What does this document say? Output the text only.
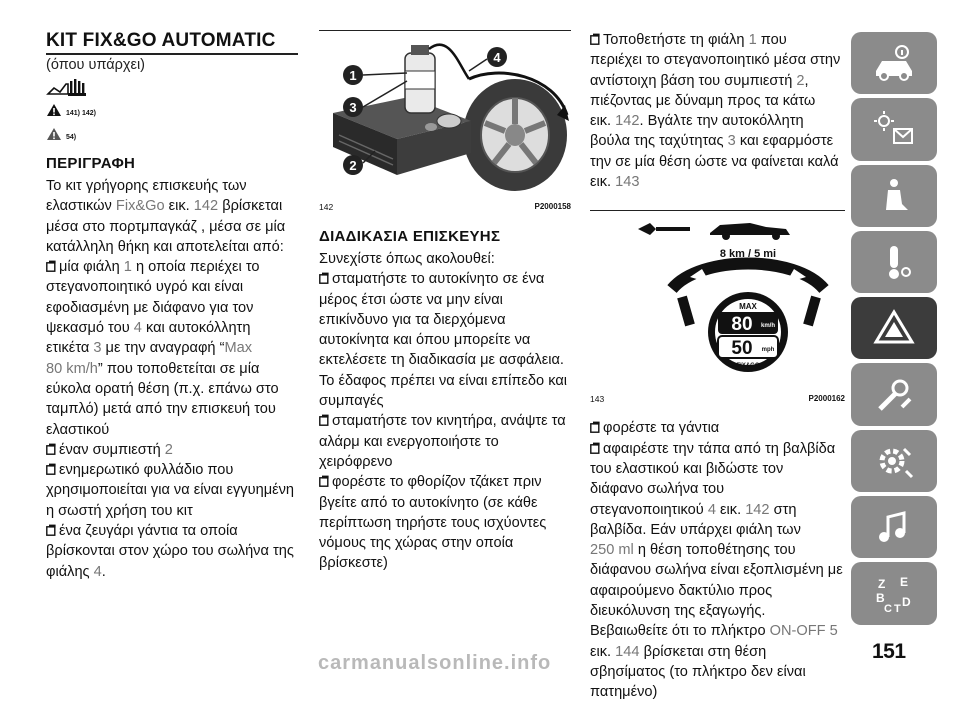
KIT FIX&GO AUTOMATIC
(όπου υπάρχει)
141) 142)
54)
ΠΕΡΙΓΡΑΦΗ
Το κιτ γρήγορης επισκευής των
ελαστικών Fix&Go εικ. 142 βρίσκεται
μέσα στο πορτμπαγκάζ , μέσα σε μία
κατάλληλη θήκη και αποτελείται από:
μία φιάλη 1 η οποία περιέχει το
στεγανοποιητικό υγρό και είναι
εφοδιασμένη με διάφανο για τον
ψεκασμό του 4 και αυτοκόλλητη
ετικέτα 3 με την αναγραφή “Max
80 km/h” που τοποθετείται σε μία
εύκολα ορατή θέση (π.χ. επάνω στο
ταμπλό) μετά από την επισκευή του
ελαστικού
έναν συμπιεστή 2
ενημερωτικό φυλλάδιο που
χρησιμοποιείται για να είναι εγγυημένη
η σωστή χρήση του κιτ
ένα ζευγάρι γάντια τα οποία
βρίσκονται στον χώρο του σωλήνα της
φιάλης 4.
1
3
2
4
142	P2000158
ΔΙΑΔΙΚΑΣΙΑ ΕΠΙΣΚΕΥΗΣ
Συνεχίστε όπως ακολουθεί:
σταματήστε το αυτοκίνητο σε ένα
μέρος έτσι ώστε να μην είναι
επικίνδυνο για τα διερχόμενα
αυτοκίνητα και όπου μπορείτε να
εκτελέσετε τη διαδικασία με ασφάλεια.
Το έδαφος πρέπει να είναι επίπεδο και
συμπαγές
σταματήστε τον κινητήρα, ανάψτε τα
αλάρμ και ενεργοποιήστε το
χειρόφρενο
φορέστε το φθορίζον τζάκετ πριν
βγείτε από το αυτοκίνητο (σε κάθε
περίπτωση τηρήστε τους ισχύοντες
νόμους της χώρας στην οποία
βρίσκεστε)
Τοποθετήστε τη φιάλη 1 που
περιέχει το στεγανοποιητικό μέσα στην
αντίστοιχη βάση του συμπιεστή 2,
πιέζοντας με δύναμη προς τα κάτω
εικ. 142. Βγάλτε την αυτοκόλλητη
βούλα της ταχύτητας 3 και εφαρμόστε
την σε μία θέση ώστε να φαίνεται καλά
εικ. 143
8 km / 5 mi
MAX
80 km/h
50 mph
FIX&GO
143	P2000162
φορέστε τα γάντια
αφαιρέστε την τάπα από τη βαλβίδα
του ελαστικού και βιδώστε τον
διάφανο σωλήνα του
στεγανοποιητικού 4 εικ. 142 στη
βαλβίδα. Εάν υπάρχει φιάλη των
250 ml η θέση τοποθέτησης του
διάφανου σωλήνα είναι εξοπλισμένη με
αφαιρούμενο δακτύλιο προς
διευκόλυνση της εξαγωγής.
Βεβαιωθείτε ότι το πλήκτρο ON-OFF 5
εικ. 144 βρίσκεται στη θέση
σβησίματος (το πλήκτρο δεν είναι
πατημένο)
Z E
B D
C T
151
carmanualsonline.info
